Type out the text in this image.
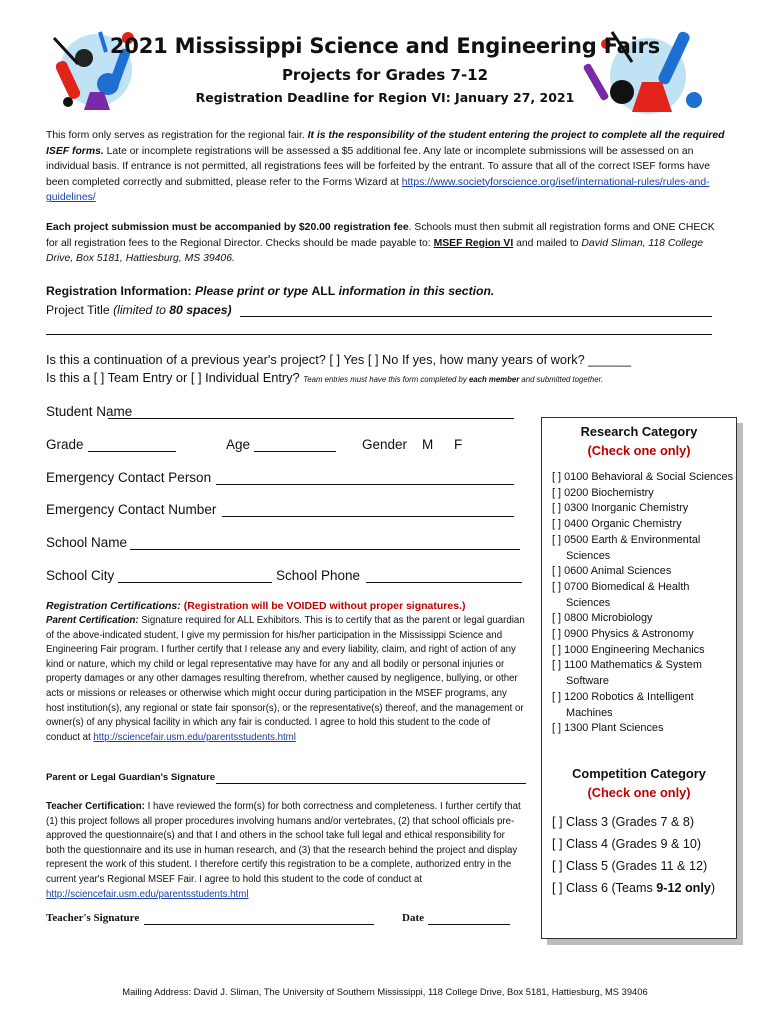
2021 Mississippi Science and Engineering Fairs
Projects for Grades 7-12
Registration Deadline for Region VI: January 27, 2021
This form only serves as registration for the regional fair. It is the responsibility of the student entering the project to complete all the required ISEF forms. Late or incomplete registrations will be assessed a $5 additional fee. Any late or incomplete submissions will be assessed on an individual basis. If entrance is not permitted, all registrations fees will be forfeited by the entrant. To assure that all of the correct ISEF forms have been completed correctly and submitted, please refer to the Forms Wizard at https://www.societyforscience.org/isef/international-rules/rules-and-guidelines/
Each project submission must be accompanied by $20.00 registration fee. Schools must then submit all registration forms and ONE CHECK for all registration fees to the Regional Director. Checks should be made payable to: MSEF Region VI and mailed to David Sliman, 118 College Drive, Box 5181, Hattiesburg, MS 39406.
Registration Information: Please print or type ALL information in this section.
Project Title (limited to 80 spaces)
Is this a continuation of a previous year's project? [ ] Yes [ ] No If yes, how many years of work? ______
Is this a [ ] Team Entry or [ ] Individual Entry? Team entries must have this form completed by each member and submitted together.
Student Name
Grade	Age	Gender M F
Emergency Contact Person
Emergency Contact Number
School Name
School City	School Phone
Registration Certifications: (Registration will be VOIDED without proper signatures.)
Parent Certification: Signature required for ALL Exhibitors. This is to certify that as the parent or legal guardian of the above-indicated student, I give my permission for his/her participation in the Mississippi Science and Engineering Fair program. I further certify that I release any and every liability, claim, and right of action of any kind or nature, which my child or legal representative may have for any and all bodily or personal injuries or property damages or any other damages resulting therefrom, whether caused by negligence, bullying, or other acts or missions or releases or otherwise which might occur during participation in the MSEF programs, any host institution(s), any regional or state fair sponsor(s), or the representative(s) thereof, and the management or owner(s) of any physical facility in which any fair is conducted. I agree to hold this student to the code of conduct at http://sciencefair.usm.edu/parentsstudents.html
Parent or Legal Guardian's Signature
Teacher Certification: I have reviewed the form(s) for both correctness and completeness. I further certify that (1) this project follows all proper procedures involving humans and/or vertebrates, (2) that school officials pre-approved the questionnaire(s) and that I and others in the school take full legal and ethical responsibility for both the questionnaire and its use in human research, and (3) that the research behind the project and display represent the work of this student. I therefore certify this registration to be a complete, authorized entry in the current year's Regional MSEF Fair. I agree to hold this student to the code of conduct at http://sciencefair.usm.edu/parentsstudents.html
Teacher's Signature	Date
Research Category
(Check one only)
[ ] 0100 Behavioral & Social Sciences
[ ] 0200 Biochemistry
[ ] 0300 Inorganic Chemistry
[ ] 0400 Organic Chemistry
[ ] 0500 Earth & Environmental Sciences
[ ] 0600 Animal Sciences
[ ] 0700 Biomedical & Health Sciences
[ ] 0800 Microbiology
[ ] 0900 Physics & Astronomy
[ ] 1000 Engineering Mechanics
[ ] 1100 Mathematics & System Software
[ ] 1200 Robotics & Intelligent Machines
[ ] 1300 Plant Sciences
Competition Category
(Check one only)
[ ] Class 3 (Grades 7 & 8)
[ ] Class 4 (Grades 9 & 10)
[ ] Class 5 (Grades 11 & 12)
[ ] Class 6 (Teams 9-12 only)
Mailing Address: David J. Sliman, The University of Southern Mississippi, 118 College Drive, Box 5181, Hattiesburg, MS 39406
